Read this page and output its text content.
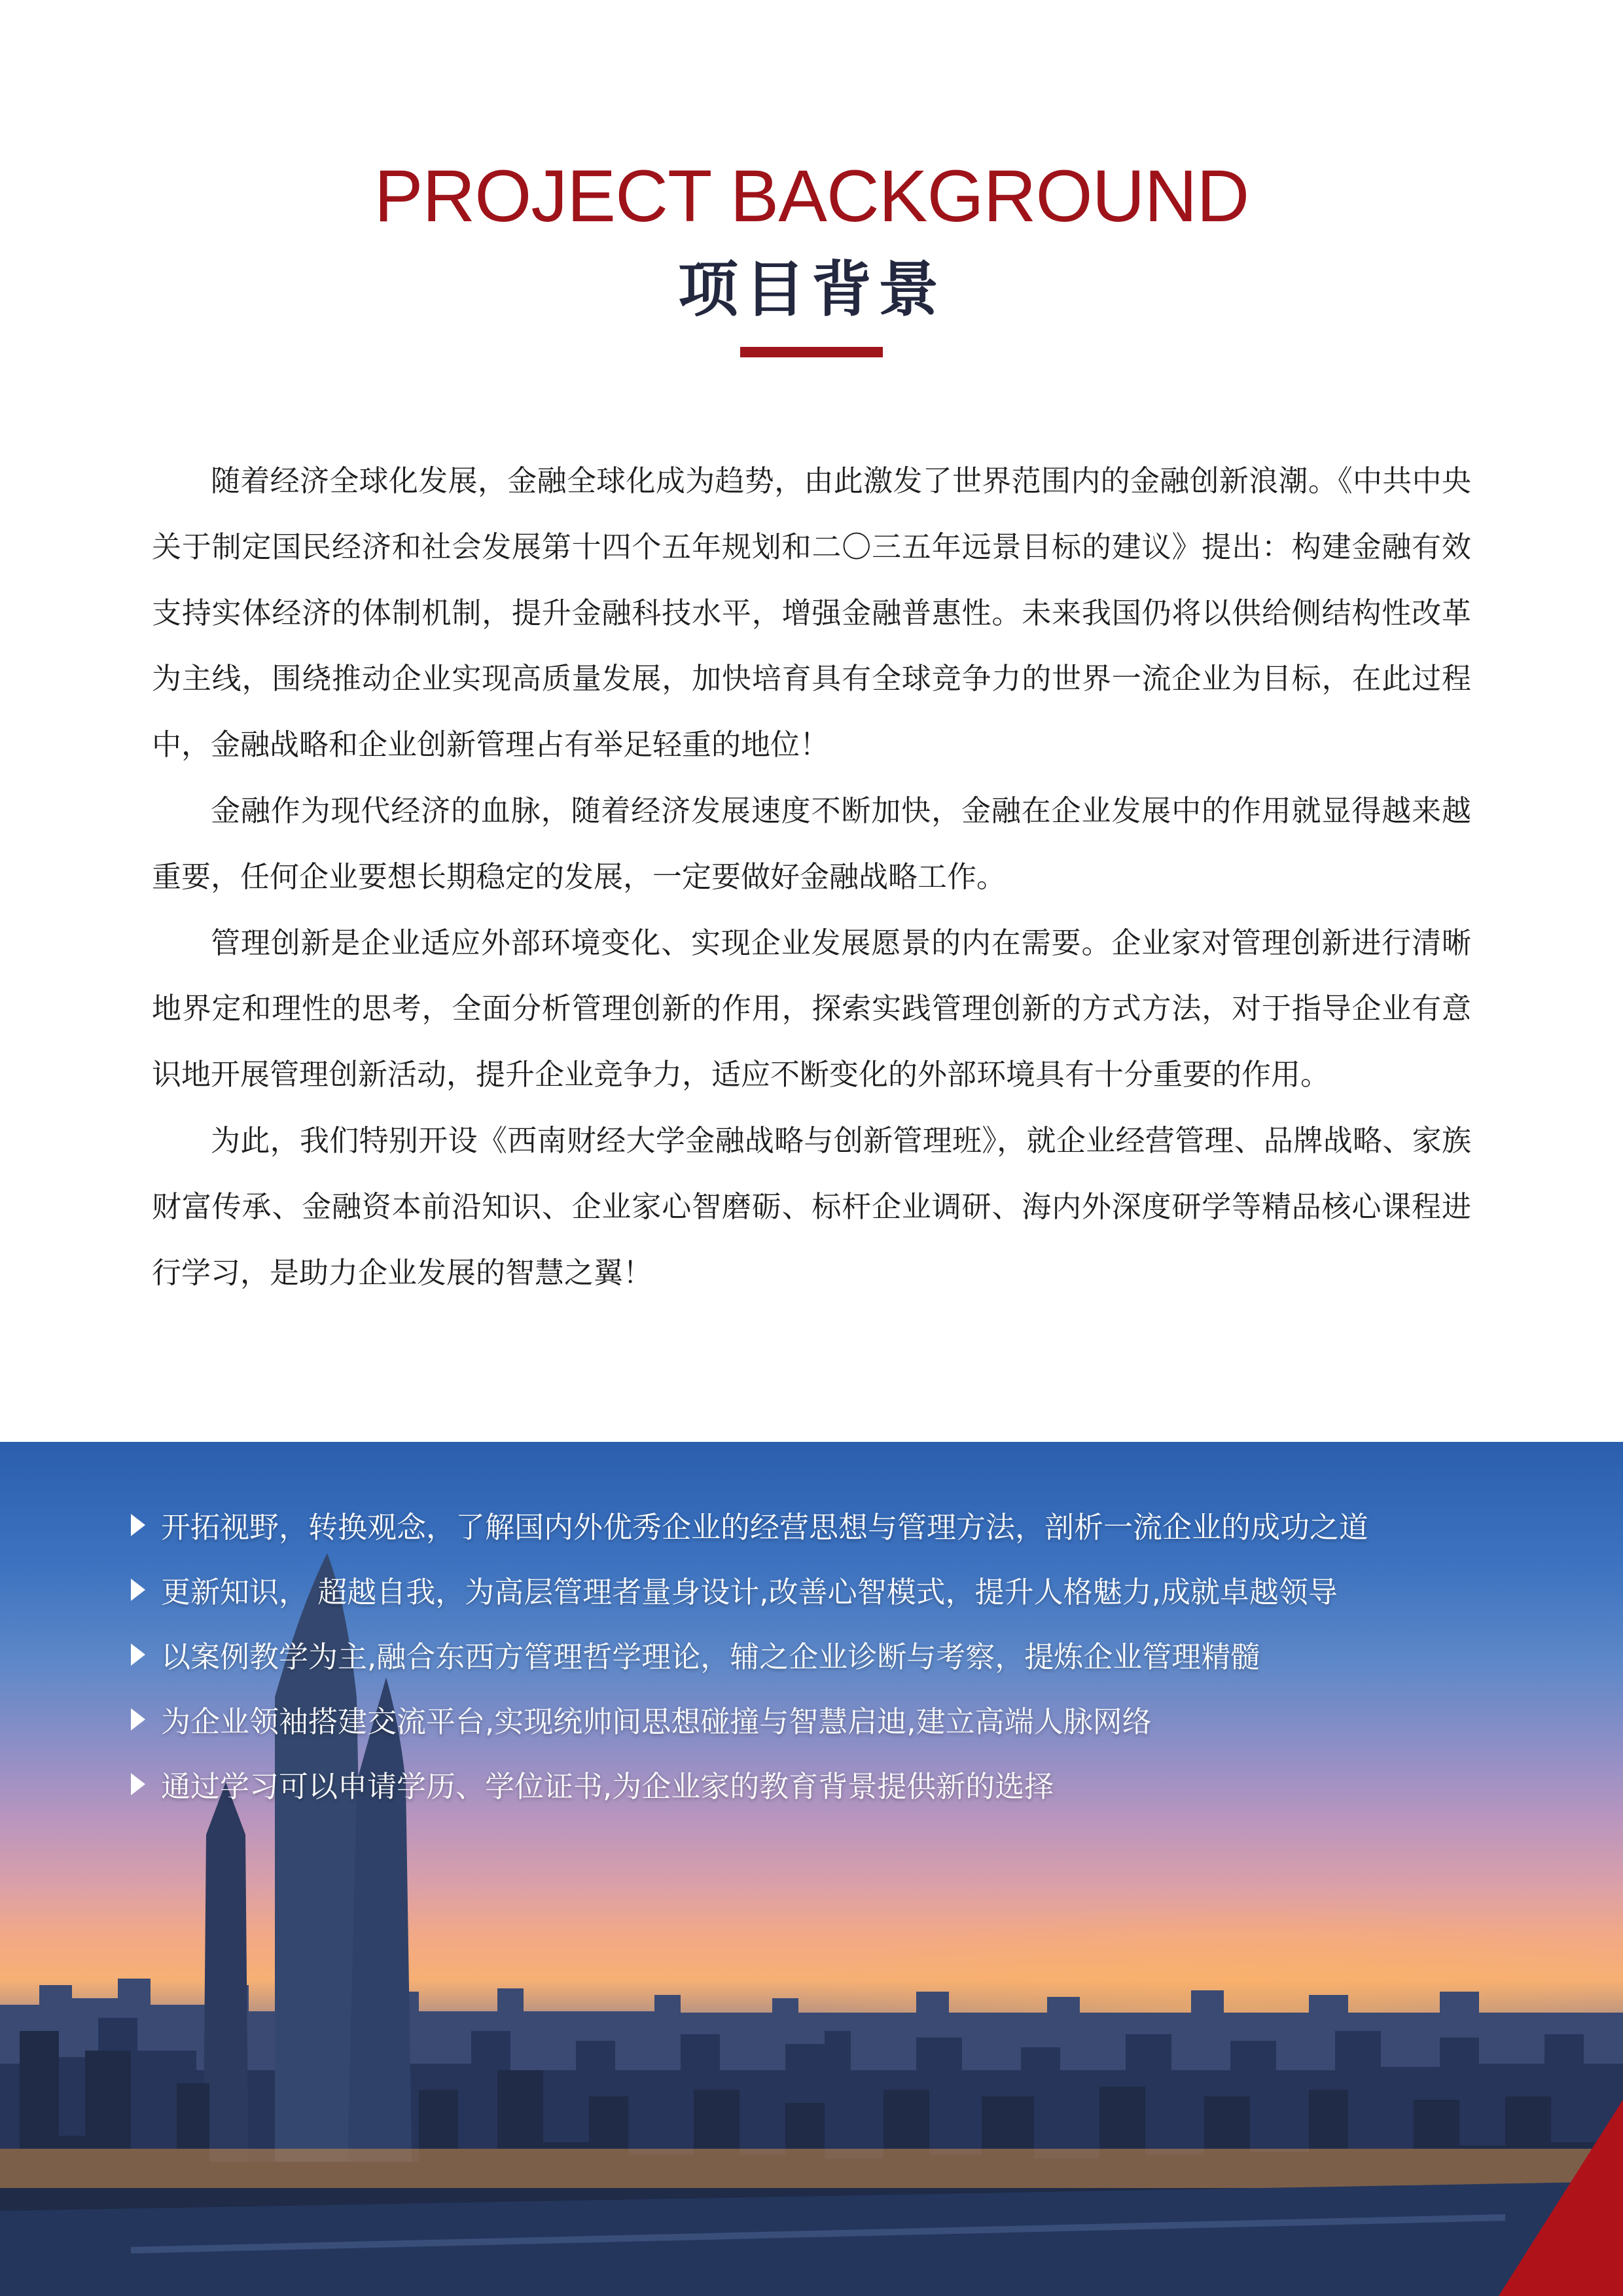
PROJECT BACKGROUND
项目背景

随着经济全球化发展，金融全球化成为趋势，由此激发了世界范围内的金融创新浪潮。《中共中央关于制定国民经济和社会发展第十四个五年规划和二〇三五年远景目标的建议》提出：构建金融有效支持实体经济的体制机制，提升金融科技水平，增强金融普惠性。未来我国仍将以供给侧结构性改革为主线，围绕推动企业实现高质量发展，加快培育具有全球竞争力的世界一流企业为目标，在此过程中，金融战略和企业创新管理占有举足轻重的地位！

金融作为现代经济的血脉，随着经济发展速度不断加快，金融在企业发展中的作用就显得越来越重要，任何企业要想长期稳定的发展，一定要做好金融战略工作。

管理创新是企业适应外部环境变化、实现企业发展愿景的内在需要。企业家对管理创新进行清晰地界定和理性的思考，全面分析管理创新的作用，探索实践管理创新的方式方法，对于指导企业有意识地开展管理创新活动，提升企业竞争力，适应不断变化的外部环境具有十分重要的作用。

为此，我们特别开设《西南财经大学金融战略与创新管理班》，就企业经营管理、品牌战略、家族财富传承、金融资本前沿知识、企业家心智磨砺、标杆企业调研、海内外深度研学等精品核心课程进行学习，是助力企业发展的智慧之翼！

开拓视野，转换观念，了解国内外优秀企业的经营思想与管理方法，剖析一流企业的成功之道
更新知识， 超越自我，为高层管理者量身设计,改善心智模式，提升人格魅力,成就卓越领导
以案例教学为主,融合东西方管理哲学理论，辅之企业诊断与考察，提炼企业管理精髓
为企业领袖搭建交流平台,实现统帅间思想碰撞与智慧启迪,建立高端人脉网络
通过学习可以申请学历、学位证书,为企业家的教育背景提供新的选择
